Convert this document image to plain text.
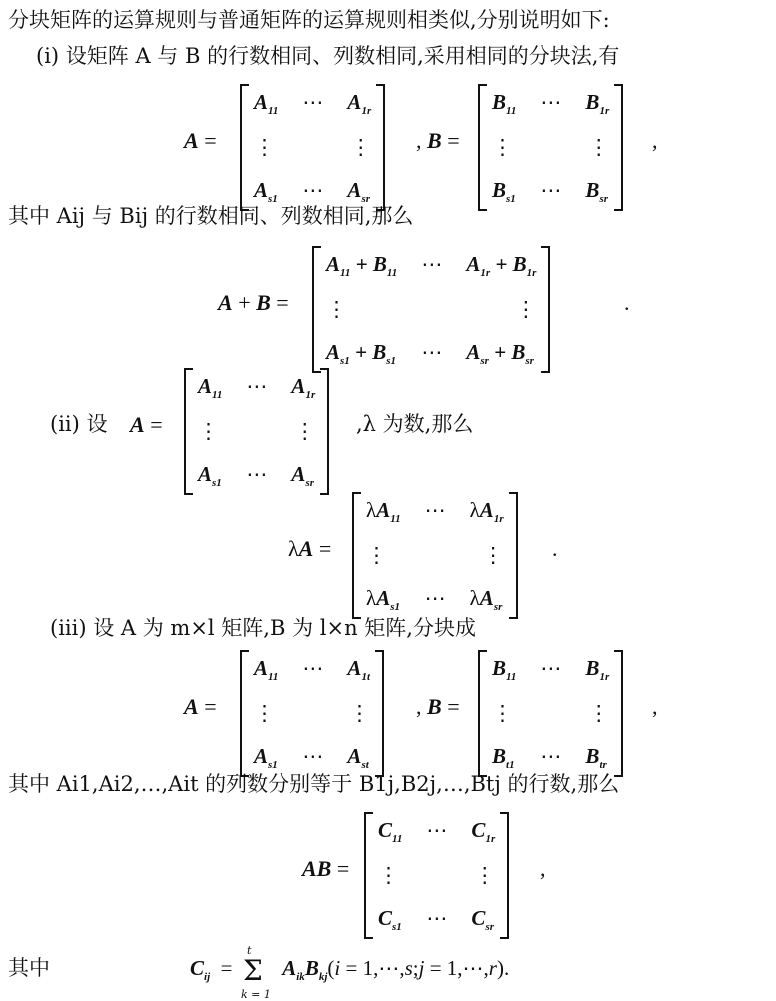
分块矩阵的运算规则与普通矩阵的运算规则相类似,分别说明如下:
(i) 设矩阵 A 与 B 的行数相同、列数相同,采用相同的分块法,有
A =
$A_{11}$ ⋯ $A_{1r}$
⋮	⋮
$A_{s1}$ ⋯ $A_{sr}$
, B =
$B_{11}$ ⋯ $B_{1r}$
⋮	⋮
$B_{s1}$ ⋯ $B_{sr}$
,
其中 Aij 与 Bij 的行数相同、列数相同,那么
A + B =
$A_{11} + B_{11}$ ⋯ $A_{1r} + B_{1r}$
⋮	⋮
$A_{s1} + B_{s1}$ ⋯ $A_{sr} + B_{sr}$
.
(ii) 设 A =
$A_{11}$ ⋯ $A_{1r}$
⋮	⋮
$A_{s1}$ ⋯ $A_{sr}$
,λ 为数,那么
λA =
$\lambda A_{11}$ ⋯ $\lambda A_{1r}$
⋮	⋮
$\lambda A_{s1}$ ⋯ $\lambda A_{sr}$
.
(iii) 设 A 为 m×l 矩阵,B 为 l×n 矩阵,分块成
A =
$A_{11}$ ⋯ $A_{1t}$
⋮	⋮
$A_{s1}$ ⋯ $A_{st}$
, B =
$B_{11}$ ⋯ $B_{1r}$
⋮	⋮
$B_{t1}$ ⋯ $B_{tr}$
,
其中 Ai1,Ai2,…,Ait 的列数分别等于 B1j,B2j,…,Btj 的行数,那么
AB =
$C_{11}$ ⋯ $C_{1r}$
⋮	⋮
$C_{s1}$ ⋯ $C_{sr}$
,
其中	$C_{ij}$  =
t
Σ
k = 1
$A_{ik}B_{kj}(i$ = 1,⋯,s;j = 1,⋯,r).
